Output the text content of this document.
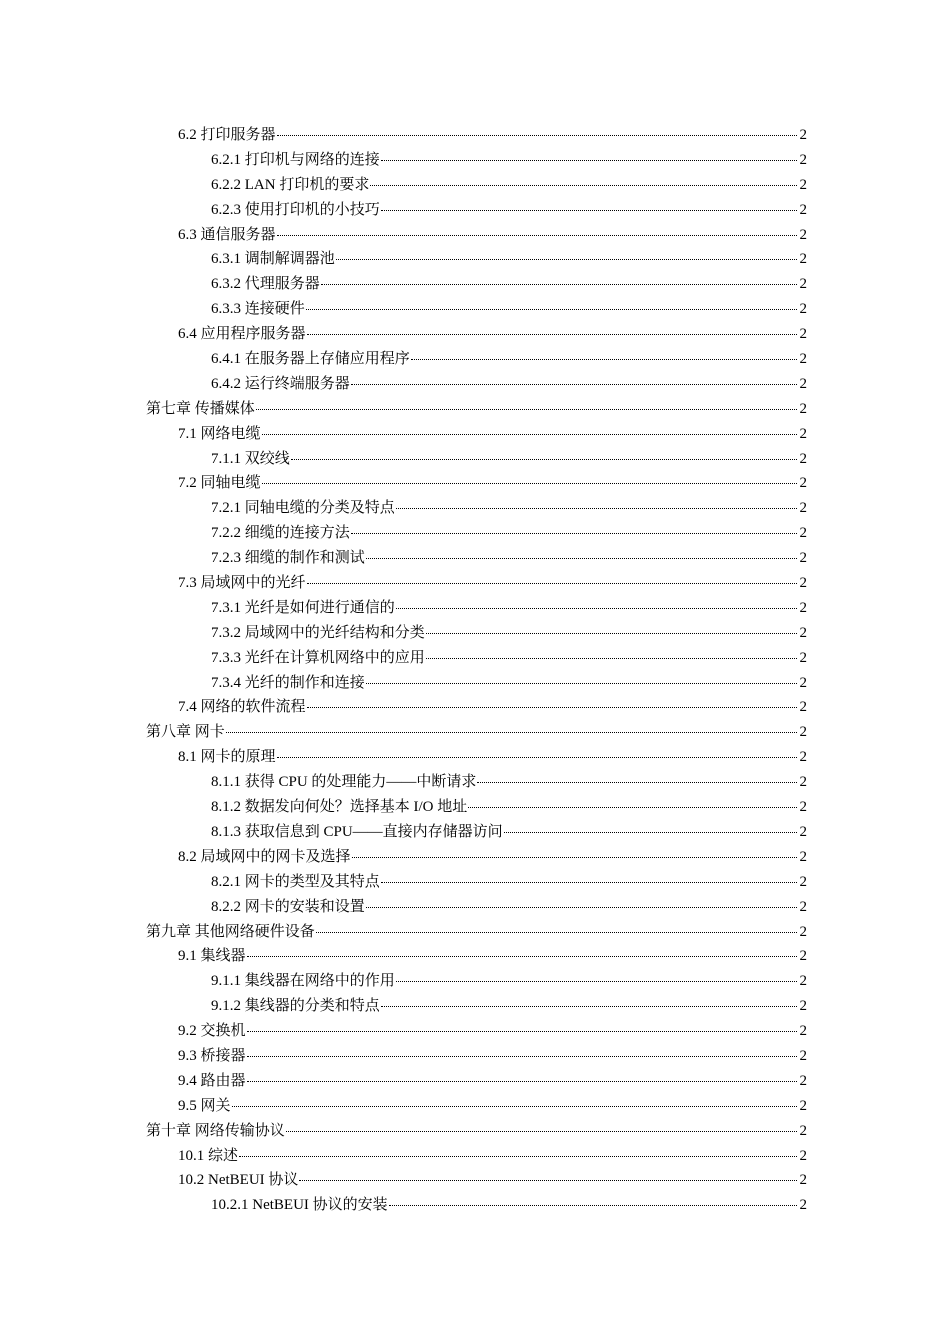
6.2 打印服务器	2
6.2.1 打印机与网络的连接	2
6.2.2 LAN 打印机的要求	2
6.2.3 使用打印机的小技巧	2
6.3 通信服务器	2
6.3.1 调制解调器池	2
6.3.2 代理服务器	2
6.3.3 连接硬件	2
6.4 应用程序服务器	2
6.4.1 在服务器上存储应用程序	2
6.4.2 运行终端服务器	2
第七章 传播媒体	2
7.1 网络电缆	2
7.1.1 双绞线	2
7.2 同轴电缆	2
7.2.1 同轴电缆的分类及特点	2
7.2.2 细缆的连接方法	2
7.2.3 细缆的制作和测试	2
7.3 局域网中的光纤	2
7.3.1 光纤是如何进行通信的	2
7.3.2 局域网中的光纤结构和分类	2
7.3.3 光纤在计算机网络中的应用	2
7.3.4 光纤的制作和连接	2
7.4 网络的软件流程	2
第八章 网卡	2
8.1 网卡的原理	2
8.1.1 获得 CPU 的处理能力——中断请求	2
8.1.2 数据发向何处？选择基本 I/O 地址	2
8.1.3 获取信息到 CPU——直接内存储器访问	2
8.2 局域网中的网卡及选择	2
8.2.1 网卡的类型及其特点	2
8.2.2 网卡的安装和设置	2
第九章 其他网络硬件设备	2
9.1 集线器	2
9.1.1 集线器在网络中的作用	2
9.1.2 集线器的分类和特点	2
9.2 交换机	2
9.3 桥接器	2
9.4 路由器	2
9.5 网关	2
第十章 网络传输协议	2
10.1 综述	2
10.2 NetBEUI 协议	2
10.2.1 NetBEUI 协议的安装	2
